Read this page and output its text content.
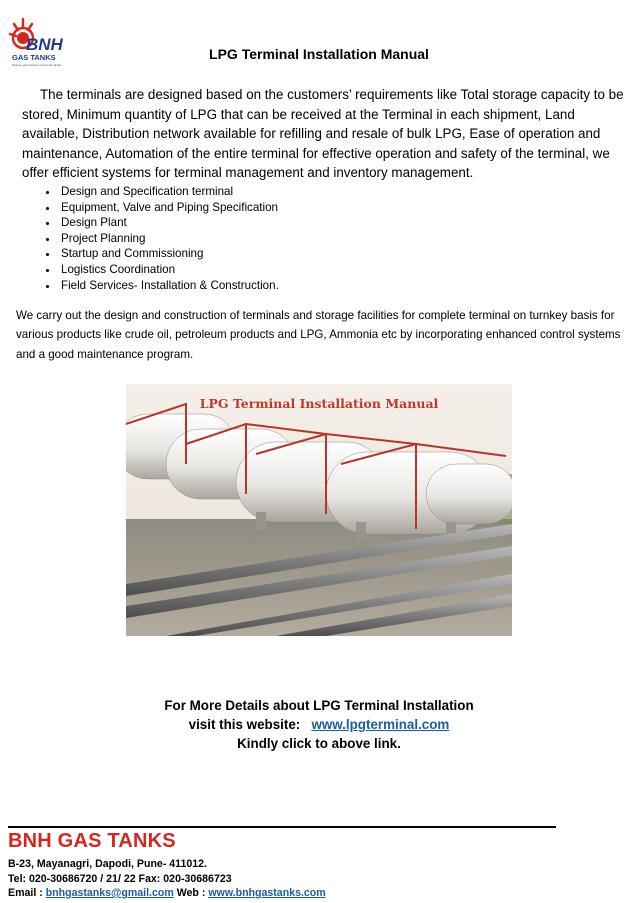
BNH
GAS TANKS
Setting gas industry across the globe
LPG Terminal Installation Manual

The terminals are designed based on the customers’ requirements like Total storage capacity to be stored, Minimum quantity of LPG that can be received at the Terminal in each shipment, Land available, Distribution network available for refilling and resale of bulk LPG, Ease of operation and maintenance, Automation of the entire terminal for effective operation and safety of the terminal, we offer efficient systems for terminal management and inventory management.

• Design and Specification terminal
• Equipment, Valve and Piping Specification
• Design Plant
• Project Planning
• Startup and Commissioning
• Logistics Coordination
• Field Services- Installation & Construction.

We carry out the design and construction of terminals and storage facilities for complete terminal on turnkey basis for various products like crude oil, petroleum products and LPG, Ammonia etc by incorporating enhanced control systems and a good maintenance program.

LPG Terminal Installation Manual
For More Details about LPG Terminal Installation
visit this website: www.lpgterminal.com
Kindly click to above link.
BNH GAS TANKS
B-23, Mayanagri, Dapodi, Pune- 411012.
Tel: 020-30686720 / 21/ 22 Fax: 020-30686723
Email : bnhgastanks@gmail.com Web : www.bnhgastanks.com
